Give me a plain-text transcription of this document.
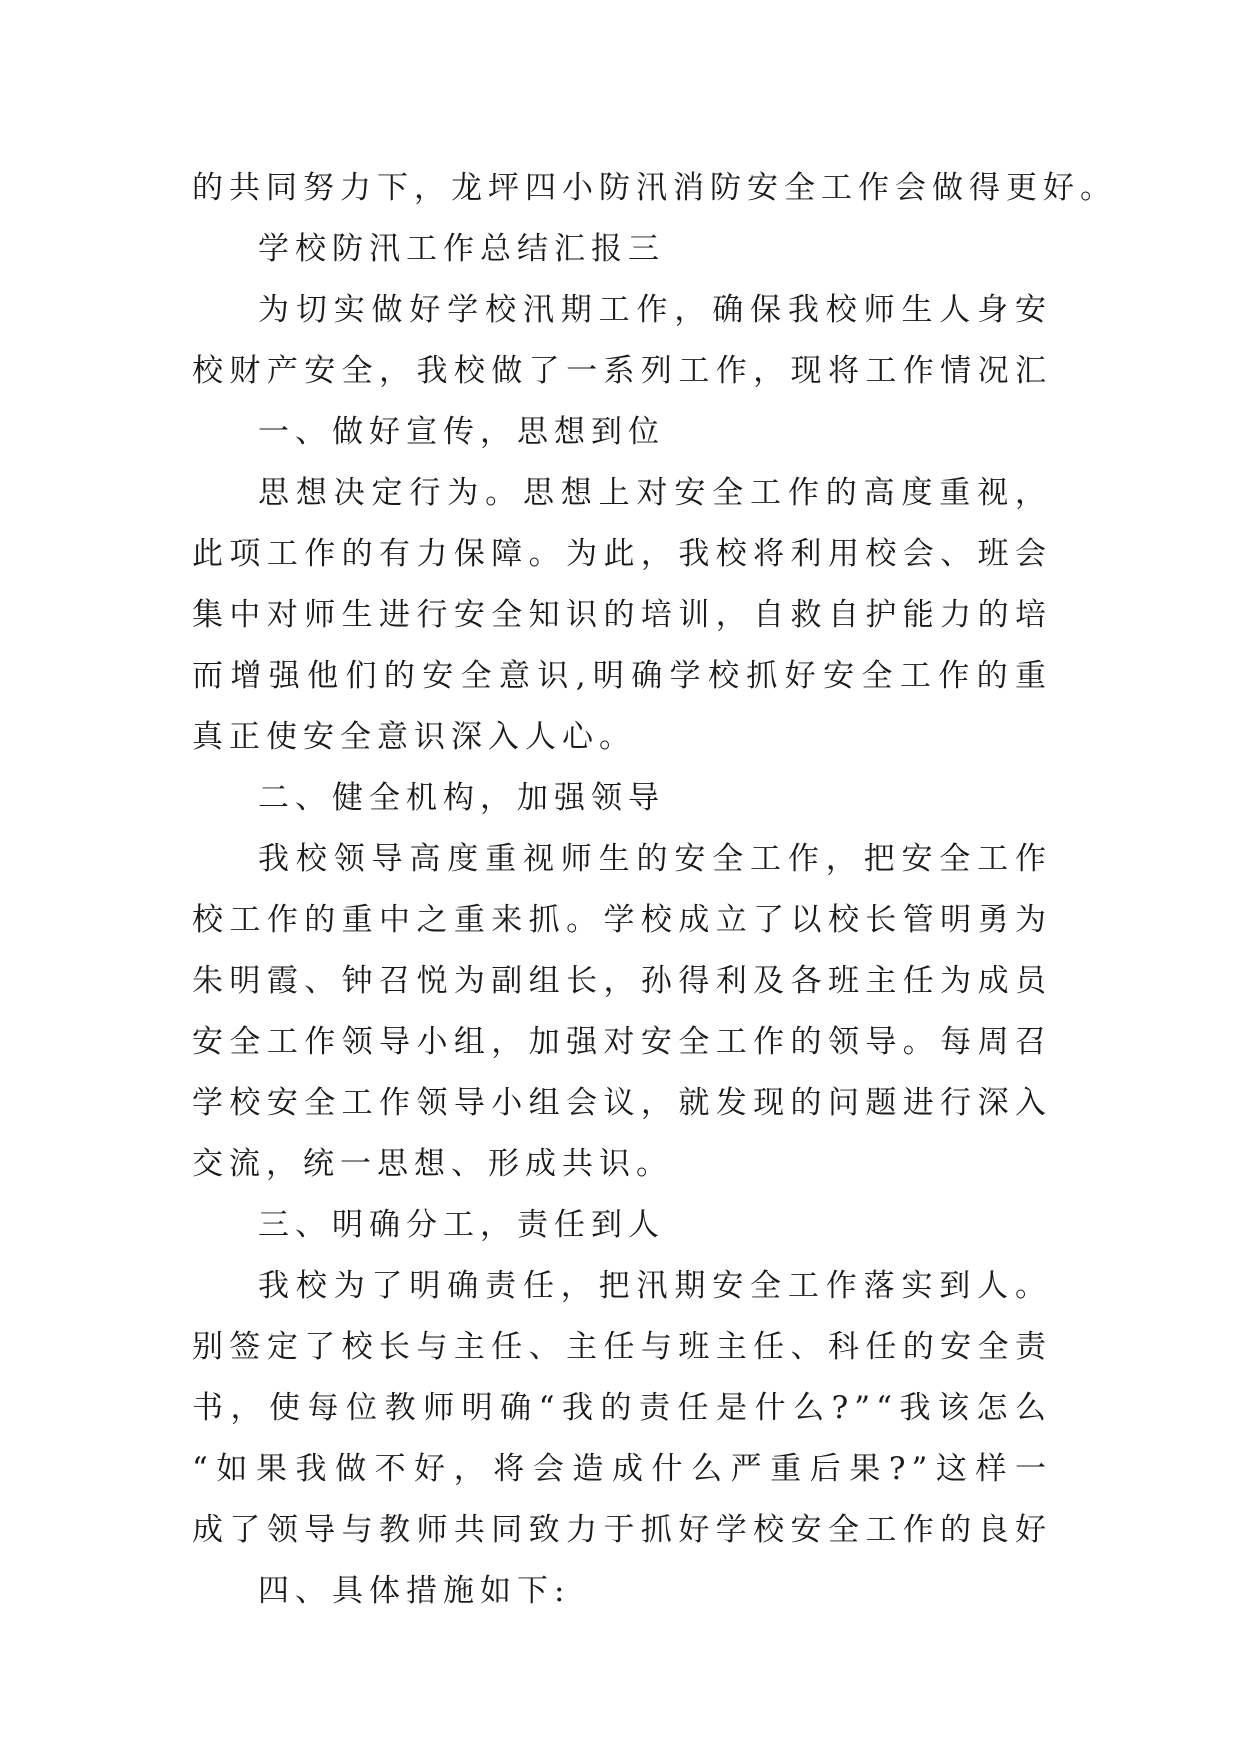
的共同努力下，龙坪四小防汛消防安全工作会做得更好。
学校防汛工作总结汇报三
为切实做好学校汛期工作，确保我校师生人身安
校财产安全，我校做了一系列工作，现将工作情况汇
一、做好宣传，思想到位
思想决定行为。思想上对安全工作的高度重视，
此项工作的有力保障。为此，我校将利用校会、班会
集中对师生进行安全知识的培训，自救自护能力的培
而增强他们的安全意识,明确学校抓好安全工作的重
真正使安全意识深入人心。
二、健全机构，加强领导
我校领导高度重视师生的安全工作，把安全工作
校工作的重中之重来抓。学校成立了以校长管明勇为
朱明霞、钟召悦为副组长，孙得利及各班主任为成员
安全工作领导小组，加强对安全工作的领导。每周召
学校安全工作领导小组会议，就发现的问题进行深入
交流，统一思想、形成共识。
三、明确分工，责任到人
我校为了明确责任，把汛期安全工作落实到人。
别签定了校长与主任、主任与班主任、科任的安全责
书，使每位教师明确“我的责任是什么?”“我该怎么
“如果我做不好，将会造成什么严重后果?”这样一
成了领导与教师共同致力于抓好学校安全工作的良好
四、具体措施如下:
